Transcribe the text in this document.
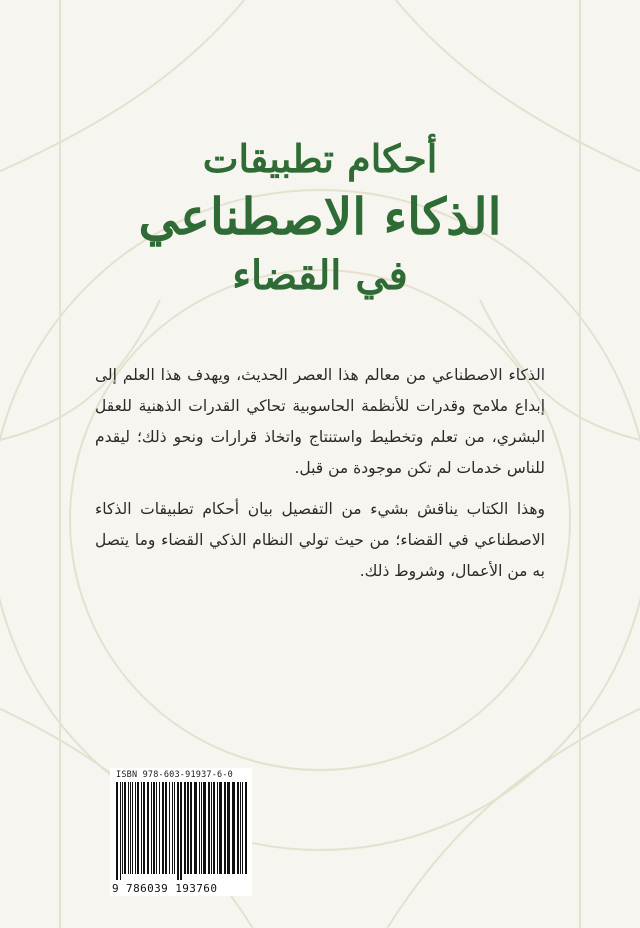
أحكام تطبيقات
الذكاء الاصطناعي
في القضاء

الذكاء الاصطناعي من معالم هذا العصر الحديث، ويهدف هذا العلم إلى إبداع ملامح وقدرات للأنظمة الحاسوبية تحاكي القدرات الذهنية للعقل البشري، من تعلم وتخطيط واستنتاج واتخاذ قرارات ونحو ذلك؛ ليقدم للناس خدمات لم تكن موجودة من قبل.

وهذا الكتاب يناقش بشيء من التفصيل بيان أحكام تطبيقات الذكاء الاصطناعي في القضاء؛ من حيث تولي النظام الذكي القضاء وما يتصل به من الأعمال، وشروط ذلك.

ISBN 978-603-91937-6-0
9 786039 193760
